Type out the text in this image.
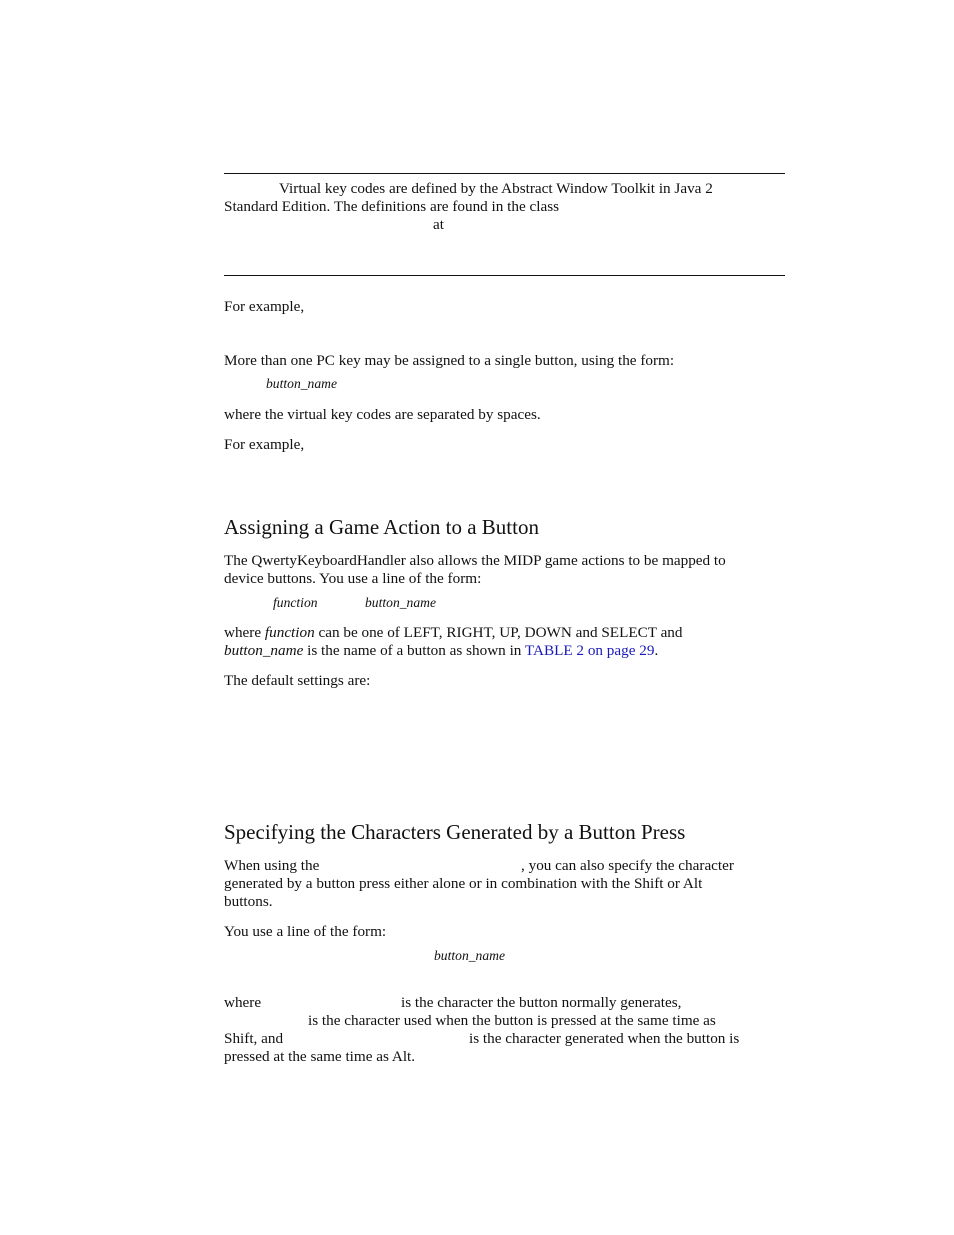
Virtual key codes are defined by the Abstract Window Toolkit in Java 2
Standard Edition. The definitions are found in the class
at
For example,
More than one PC key may be assigned to a single button, using the form:
button_name
where the virtual key codes are separated by spaces.
For example,
Assigning a Game Action to a Button
The QwertyKeyboardHandler also allows the MIDP game actions to be mapped to
device buttons. You use a line of the form:
function	button_name
where function can be one of LEFT, RIGHT, UP, DOWN and SELECT and
button_name is the name of a button as shown in TABLE 2 on page 29.
The default settings are:
Specifying the Characters Generated by a Button Press
When using the	, you can also specify the character
generated by a button press either alone or in combination with the Shift or Alt
buttons.
You use a line of the form:
button_name
where	is the character the button normally generates,
is the character used when the button is pressed at the same time as
Shift, and	is the character generated when the button is
pressed at the same time as Alt.
